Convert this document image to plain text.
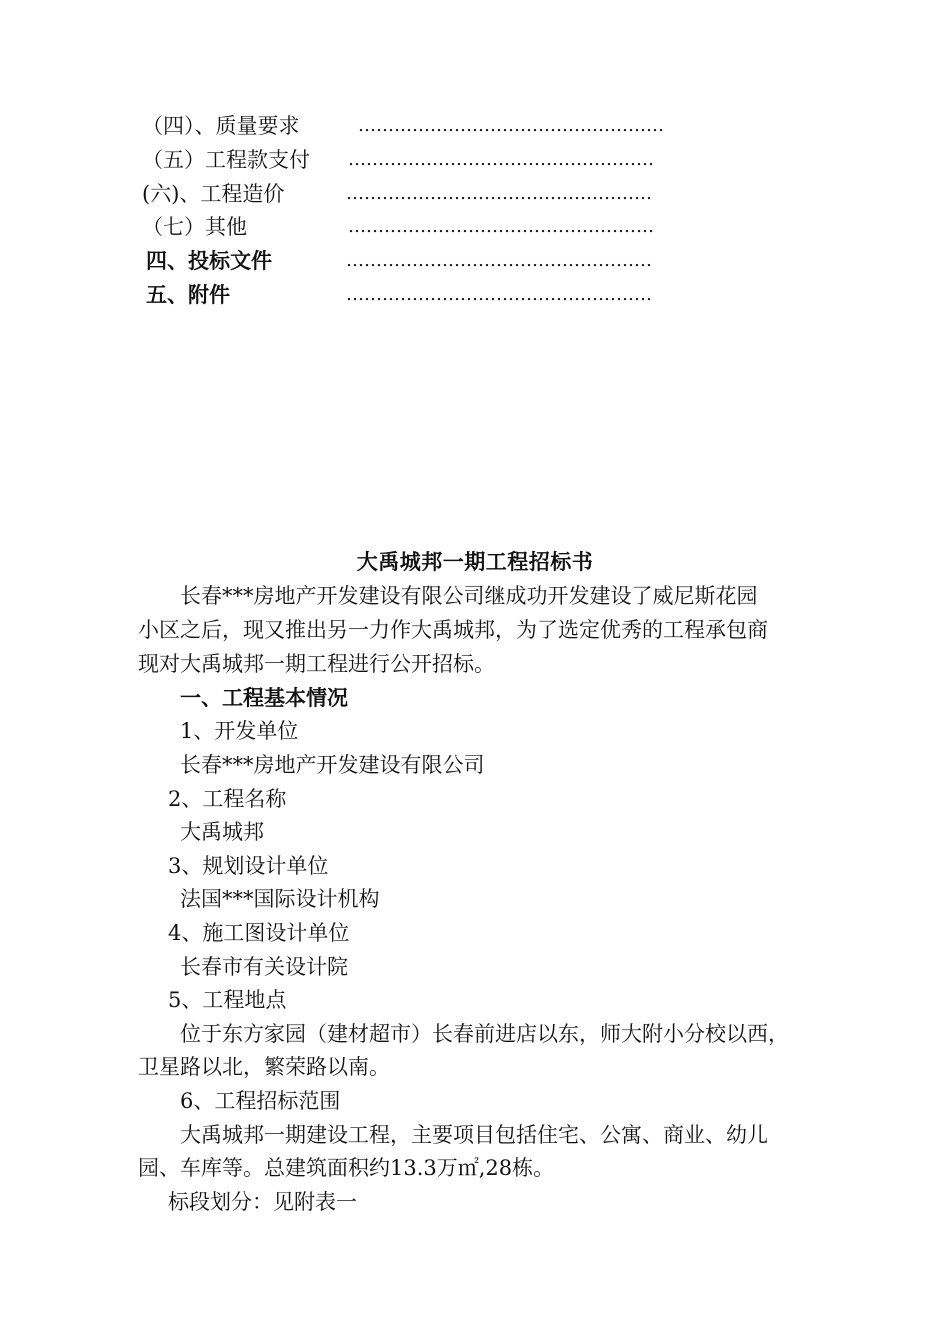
（四）、质量要求	……………………………………………
（五）工程款支付 ……………………………………………
(六)、工程造价	……………………………………………
（七）其他	……………………………………………
四、投标文件	……………………………………………
五、附件	……………………………………………
大禹城邦一期工程招标书
长春***房地产开发建设有限公司继成功开发建设了威尼斯花园
小区之后，现又推出另一力作大禹城邦，为了选定优秀的工程承包商
现对大禹城邦一期工程进行公开招标。
一、工程基本情况
1、开发单位
长春***房地产开发建设有限公司
2、工程名称
大禹城邦
3、规划设计单位
法国***国际设计机构
4、施工图设计单位
长春市有关设计院
5、工程地点
位于东方家园（建材超市）长春前进店以东，师大附小分校以西，
卫星路以北，繁荣路以南。
6、工程招标范围
大禹城邦一期建设工程，主要项目包括住宅、公寓、商业、幼儿
园、车库等。总建筑面积约13.3万㎡,28栋。
标段划分：见附表一
